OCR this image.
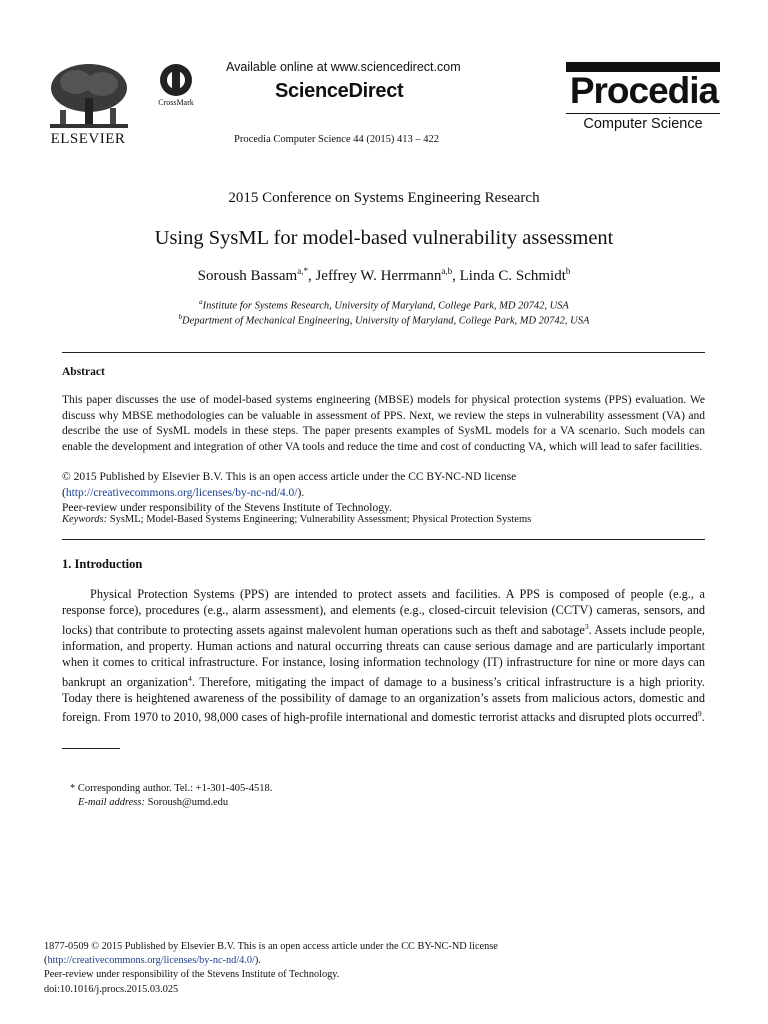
ELSEVIER
CrossMark
Available online at www.sciencedirect.com
ScienceDirect
Procedia Computer Science 44 (2015) 413 – 422
Procedia
Computer Science
2015 Conference on Systems Engineering Research
Using SysML for model-based vulnerability assessment
Soroush Bassam$^{a,*}$, Jeffrey W. Herrmann$^{a,b}$, Linda C. Schmidt$^b$
$^a$Institute for Systems Research, University of Maryland, College Park, MD 20742, USA
$^b$Department of Mechanical Engineering, University of Maryland, College Park, MD 20742, USA
Abstract
This paper discusses the use of model-based systems engineering (MBSE) models for physical protection systems (PPS) evaluation. We discuss why MBSE methodologies can be valuable in assessment of PPS. Next, we review the steps in vulnerability assessment (VA) and describe the use of SysML models in these steps. The paper presents examples of SysML models for a VA scenario. Such models can enable the development and integration of other VA tools and reduce the time and cost of conducting VA, which will lead to safer facilities.
© 2015 Published by Elsevier B.V. This is an open access article under the CC BY-NC-ND license
(http://creativecommons.org/licenses/by-nc-nd/4.0/).
Peer-review under responsibility of the Stevens Institute of Technology.
Keywords: SysML; Model-Based Systems Engineering; Vulnerability Assessment; Physical Protection Systems
1. Introduction
Physical Protection Systems (PPS) are intended to protect assets and facilities. A PPS is composed of people (e.g., a response force), procedures (e.g., alarm assessment), and elements (e.g., closed-circuit television (CCTV) cameras, sensors, and locks) that contribute to protecting assets against malevolent human operations such as theft and sabotage$^3$. Assets include people, information, and property. Human actions and natural occurring threats can cause serious damage and are particularly important when it comes to critical infrastructure. For instance, losing information technology (IT) infrastructure for nine or more days can bankrupt an organization$^4$. Therefore, mitigating the impact of damage to a business’s critical infrastructure is a high priority. Today there is heightened awareness of the possibility of damage to an organization’s assets from malicious actors, domestic and foreign. From 1970 to 2010, 98,000 cases of high-profile international and domestic terrorist attacks and disrupted plots occurred$^9$.
* Corresponding author. Tel.: +1-301-405-4518.
E-mail address: Soroush@umd.edu
1877-0509 © 2015 Published by Elsevier B.V. This is an open access article under the CC BY-NC-ND license
(http://creativecommons.org/licenses/by-nc-nd/4.0/).
Peer-review under responsibility of the Stevens Institute of Technology.
doi:10.1016/j.procs.2015.03.025
